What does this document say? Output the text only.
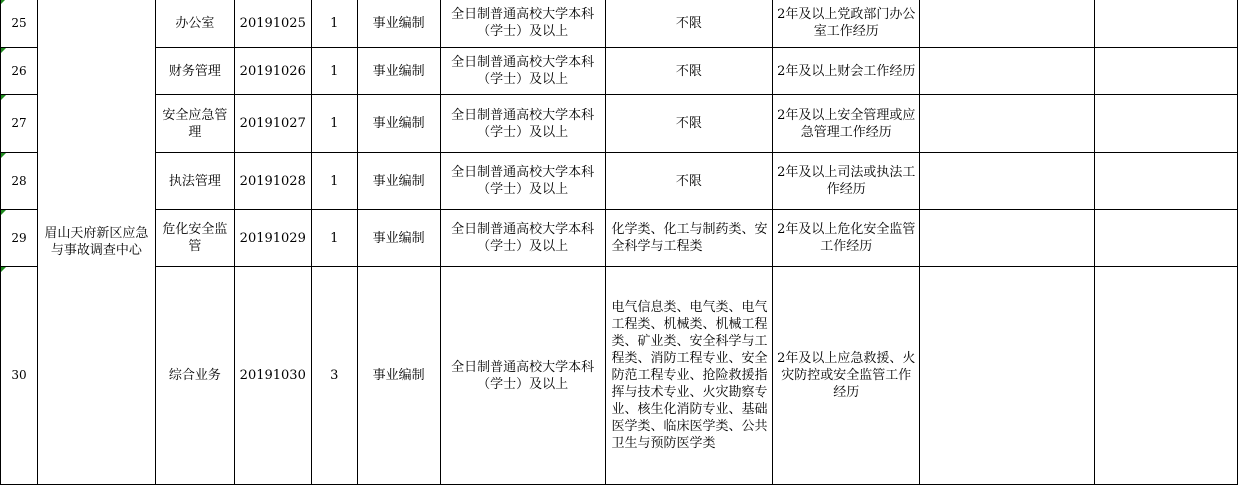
25	眉山天府新区应急与事故调查中心	办公室	20191025	1	事业编制	全日制普通高校大学本科（学士）及以上	不限	2年及以上党政部门办公室工作经历		
26		财务管理	20191026	1	事业编制	全日制普通高校大学本科（学士）及以上	不限	2年及以上财会工作经历		
27		安全应急管理	20191027	1	事业编制	全日制普通高校大学本科（学士）及以上	不限	2年及以上安全管理或应急管理工作经历		
28		执法管理	20191028	1	事业编制	全日制普通高校大学本科（学士）及以上	不限	2年及以上司法或执法工作经历		
29		危化安全监管	20191029	1	事业编制	全日制普通高校大学本科（学士）及以上	化学类、化工与制药类、安全科学与工程类	2年及以上危化安全监管工作经历		
30		综合业务	20191030	3	事业编制	全日制普通高校大学本科（学士）及以上	电气信息类、电气类、电气工程类、机械类、机械工程类、矿业类、安全科学与工程类、消防工程专业、安全防范工程专业、抢险救援指挥与技术专业、火灾勘察专业、核生化消防专业、基础医学类、临床医学类、公共卫生与预防医学类	2年及以上应急救援、火灾防控或安全监管工作经历		
